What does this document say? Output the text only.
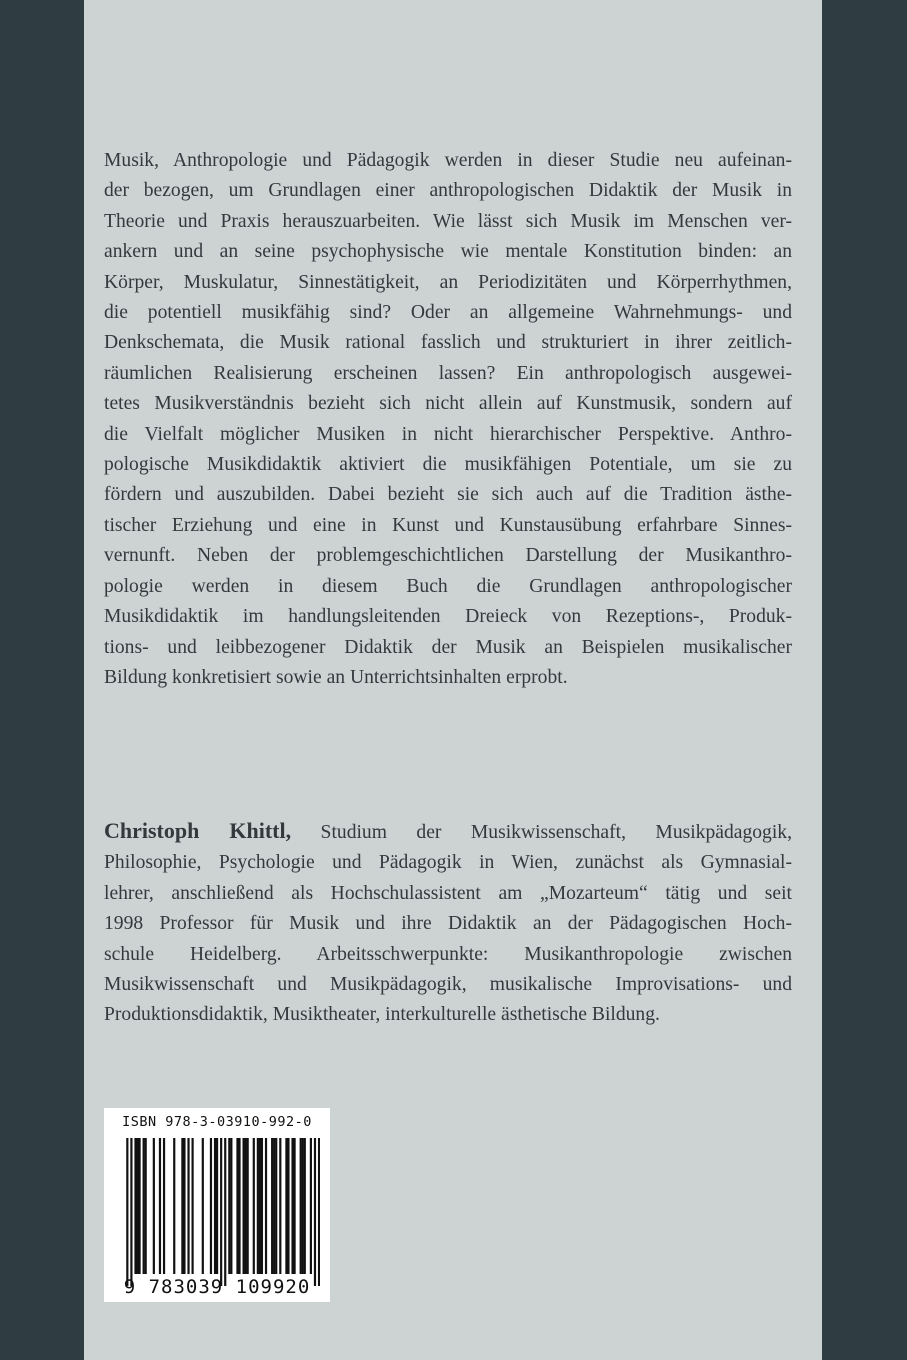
Musik, Anthropologie und Pädagogik werden in dieser Studie neu aufeinan-
der bezogen, um Grundlagen einer anthropologischen Didaktik der Musik in
Theorie und Praxis herauszuarbeiten. Wie lässt sich Musik im Menschen ver-
ankern und an seine psychophysische wie mentale Konstitution binden: an
Körper, Muskulatur, Sinnestätigkeit, an Periodizitäten und Körperrhythmen,
die potentiell musikfähig sind? Oder an allgemeine Wahrnehmungs- und
Denkschemata, die Musik rational fasslich und strukturiert in ihrer zeitlich-
räumlichen Realisierung erscheinen lassen? Ein anthropologisch ausgewei-
tetes Musikverständnis bezieht sich nicht allein auf Kunstmusik, sondern auf
die Vielfalt möglicher Musiken in nicht hierarchischer Perspektive. Anthro-
pologische Musikdidaktik aktiviert die musikfähigen Potentiale, um sie zu
fördern und auszubilden. Dabei bezieht sie sich auch auf die Tradition ästhe-
tischer Erziehung und eine in Kunst und Kunstausübung erfahrbare Sinnes-
vernunft. Neben der problemgeschichtlichen Darstellung der Musikanthro-
pologie werden in diesem Buch die Grundlagen anthropologischer
Musikdidaktik im handlungsleitenden Dreieck von Rezeptions-, Produk-
tions- und leibbezogener Didaktik der Musik an Beispielen musikalischer
Bildung konkretisiert sowie an Unterrichtsinhalten erprobt.
Christoph Khittl, Studium der Musikwissenschaft, Musikpädagogik,
Philosophie, Psychologie und Pädagogik in Wien, zunächst als Gymnasial-
lehrer, anschließend als Hochschulassistent am „Mozarteum“ tätig und seit
1998 Professor für Musik und ihre Didaktik an der Pädagogischen Hoch-
schule Heidelberg. Arbeitsschwerpunkte: Musikanthropologie zwischen
Musikwissenschaft und Musikpädagogik, musikalische Improvisations- und
Produktionsdidaktik, Musiktheater, interkulturelle ästhetische Bildung.
ISBN 978-3-03910-992-0
9 783039 109920
